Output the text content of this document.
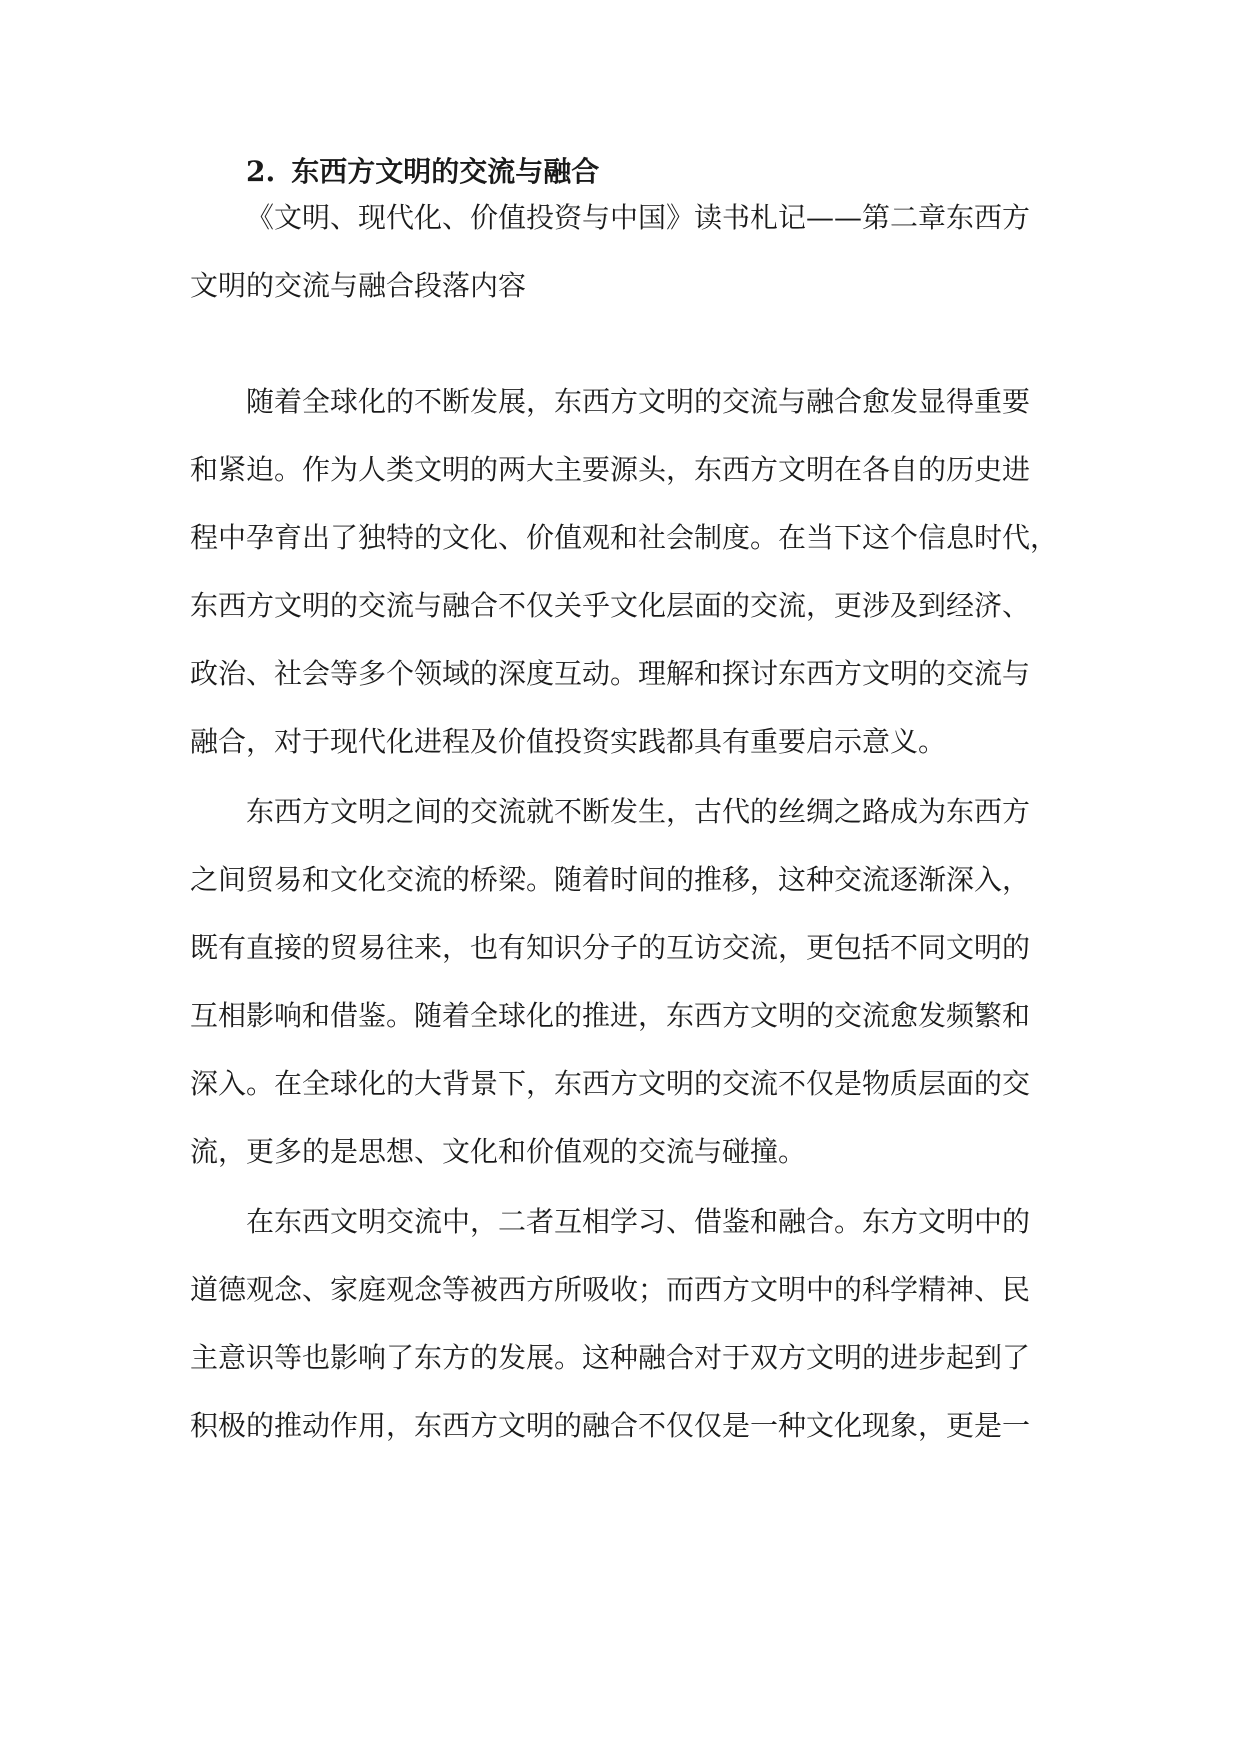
2. 东西方文明的交流与融合

《文明、现代化、价值投资与中国》读书札记——第二章东西方

文明的交流与融合段落内容

随着全球化的不断发展，东西方文明的交流与融合愈发显得重要

和紧迫。作为人类文明的两大主要源头，东西方文明在各自的历史进

程中孕育出了独特的文化、价值观和社会制度。在当下这个信息时代，

东西方文明的交流与融合不仅关乎文化层面的交流，更涉及到经济、

政治、社会等多个领域的深度互动。理解和探讨东西方文明的交流与

融合，对于现代化进程及价值投资实践都具有重要启示意义。

东西方文明之间的交流就不断发生，古代的丝绸之路成为东西方

之间贸易和文化交流的桥梁。随着时间的推移，这种交流逐渐深入，

既有直接的贸易往来，也有知识分子的互访交流，更包括不同文明的

互相影响和借鉴。随着全球化的推进，东西方文明的交流愈发频繁和

深入。在全球化的大背景下，东西方文明的交流不仅是物质层面的交

流，更多的是思想、文化和价值观的交流与碰撞。

在东西文明交流中，二者互相学习、借鉴和融合。东方文明中的

道德观念、家庭观念等被西方所吸收；而西方文明中的科学精神、民

主意识等也影响了东方的发展。这种融合对于双方文明的进步起到了

积极的推动作用，东西方文明的融合不仅仅是一种文化现象，更是一
